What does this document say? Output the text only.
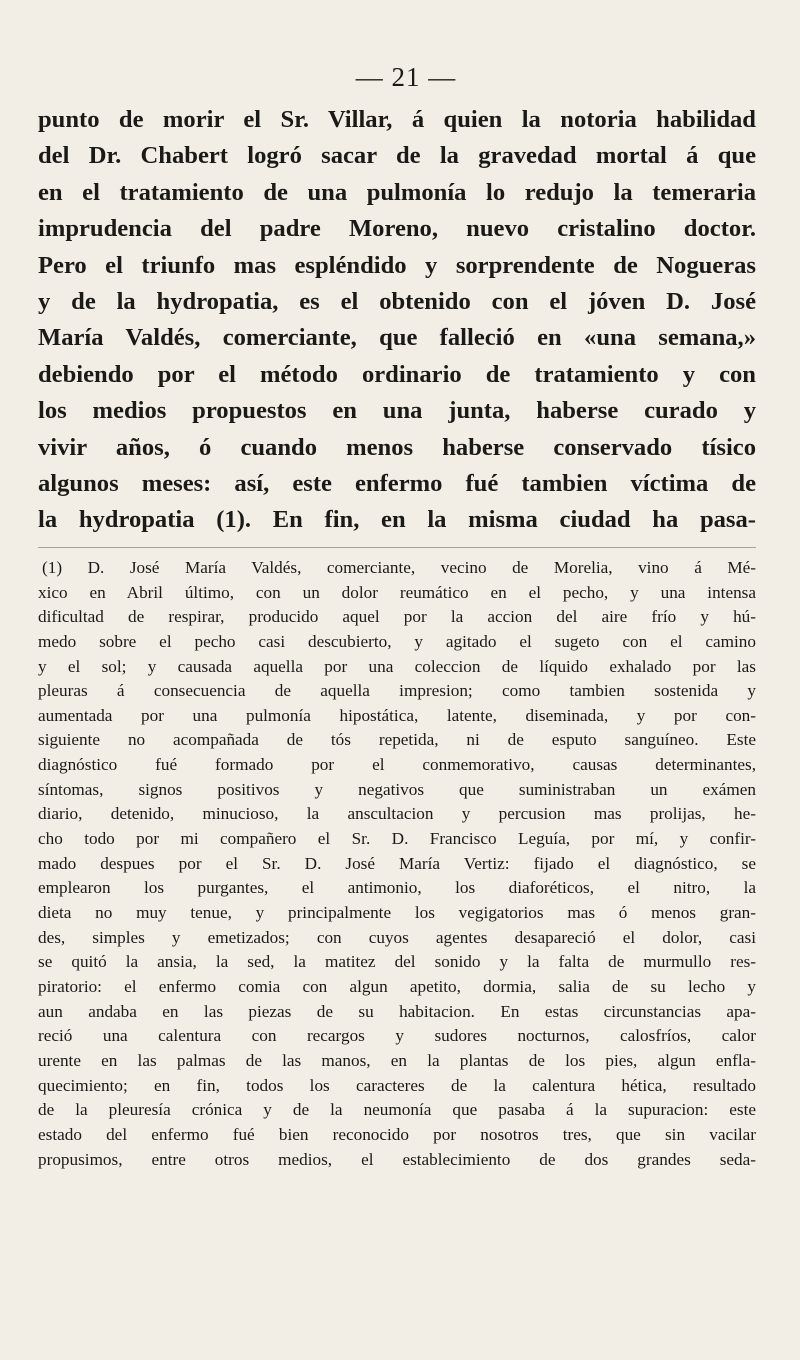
— 21 —
punto de morir el Sr. Villar, á quien la notoria habilidad
del Dr. Chabert logró sacar de la gravedad mortal á que
en el tratamiento de una pulmonía lo redujo la temeraria
imprudencia del padre Moreno, nuevo cristalino doctor.
Pero el triunfo mas espléndido y sorprendente de Nogueras
y de la hydropatia, es el obtenido con el jóven D. José
María Valdés, comerciante, que falleció en «una semana,»
debiendo por el método ordinario de tratamiento y con
los medios propuestos en una junta, haberse curado y
vivir años, ó cuando menos haberse conservado tísico
algunos meses: así, este enfermo fué tambien víctima de
la hydropatia (1). En fin, en la misma ciudad ha pasa-
(1) D. José María Valdés, comerciante, vecino de Morelia, vino á Mé-
xico en Abril último, con un dolor reumático en el pecho, y una intensa
dificultad de respirar, producido aquel por la accion del aire frío y hú-
medo sobre el pecho casi descubierto, y agitado el sugeto con el camino
y el sol; y causada aquella por una coleccion de líquido exhalado por las
pleuras á consecuencia de aquella impresion; como tambien sostenida y
aumentada por una pulmonía hipostática, latente, diseminada, y por con-
siguiente no acompañada de tós repetida, ni de esputo sanguíneo. Este
diagnóstico fué formado por el conmemorativo, causas determinantes,
síntomas, signos positivos y negativos que suministraban un exámen
diario, detenido, minucioso, la anscultacion y percusion mas prolijas, he-
cho todo por mi compañero el Sr. D. Francisco Leguía, por mí, y confir-
mado despues por el Sr. D. José María Vertiz: fijado el diagnóstico, se
emplearon los purgantes, el antimonio, los diaforéticos, el nitro, la
dieta no muy tenue, y principalmente los vegigatorios mas ó menos gran-
des, simples y emetizados; con cuyos agentes desapareció el dolor, casi
se quitó la ansia, la sed, la matitez del sonido y la falta de murmullo res-
piratorio: el enfermo comia con algun apetito, dormia, salia de su lecho y
aun andaba en las piezas de su habitacion. En estas circunstancias apa-
reció una calentura con recargos y sudores nocturnos, calosfríos, calor
urente en las palmas de las manos, en la plantas de los pies, algun enfla-
quecimiento; en fin, todos los caracteres de la calentura hética, resultado
de la pleuresía crónica y de la neumonía que pasaba á la supuracion: este
estado del enfermo fué bien reconocido por nosotros tres, que sin vacilar
propusimos, entre otros medios, el establecimiento de dos grandes seda-
